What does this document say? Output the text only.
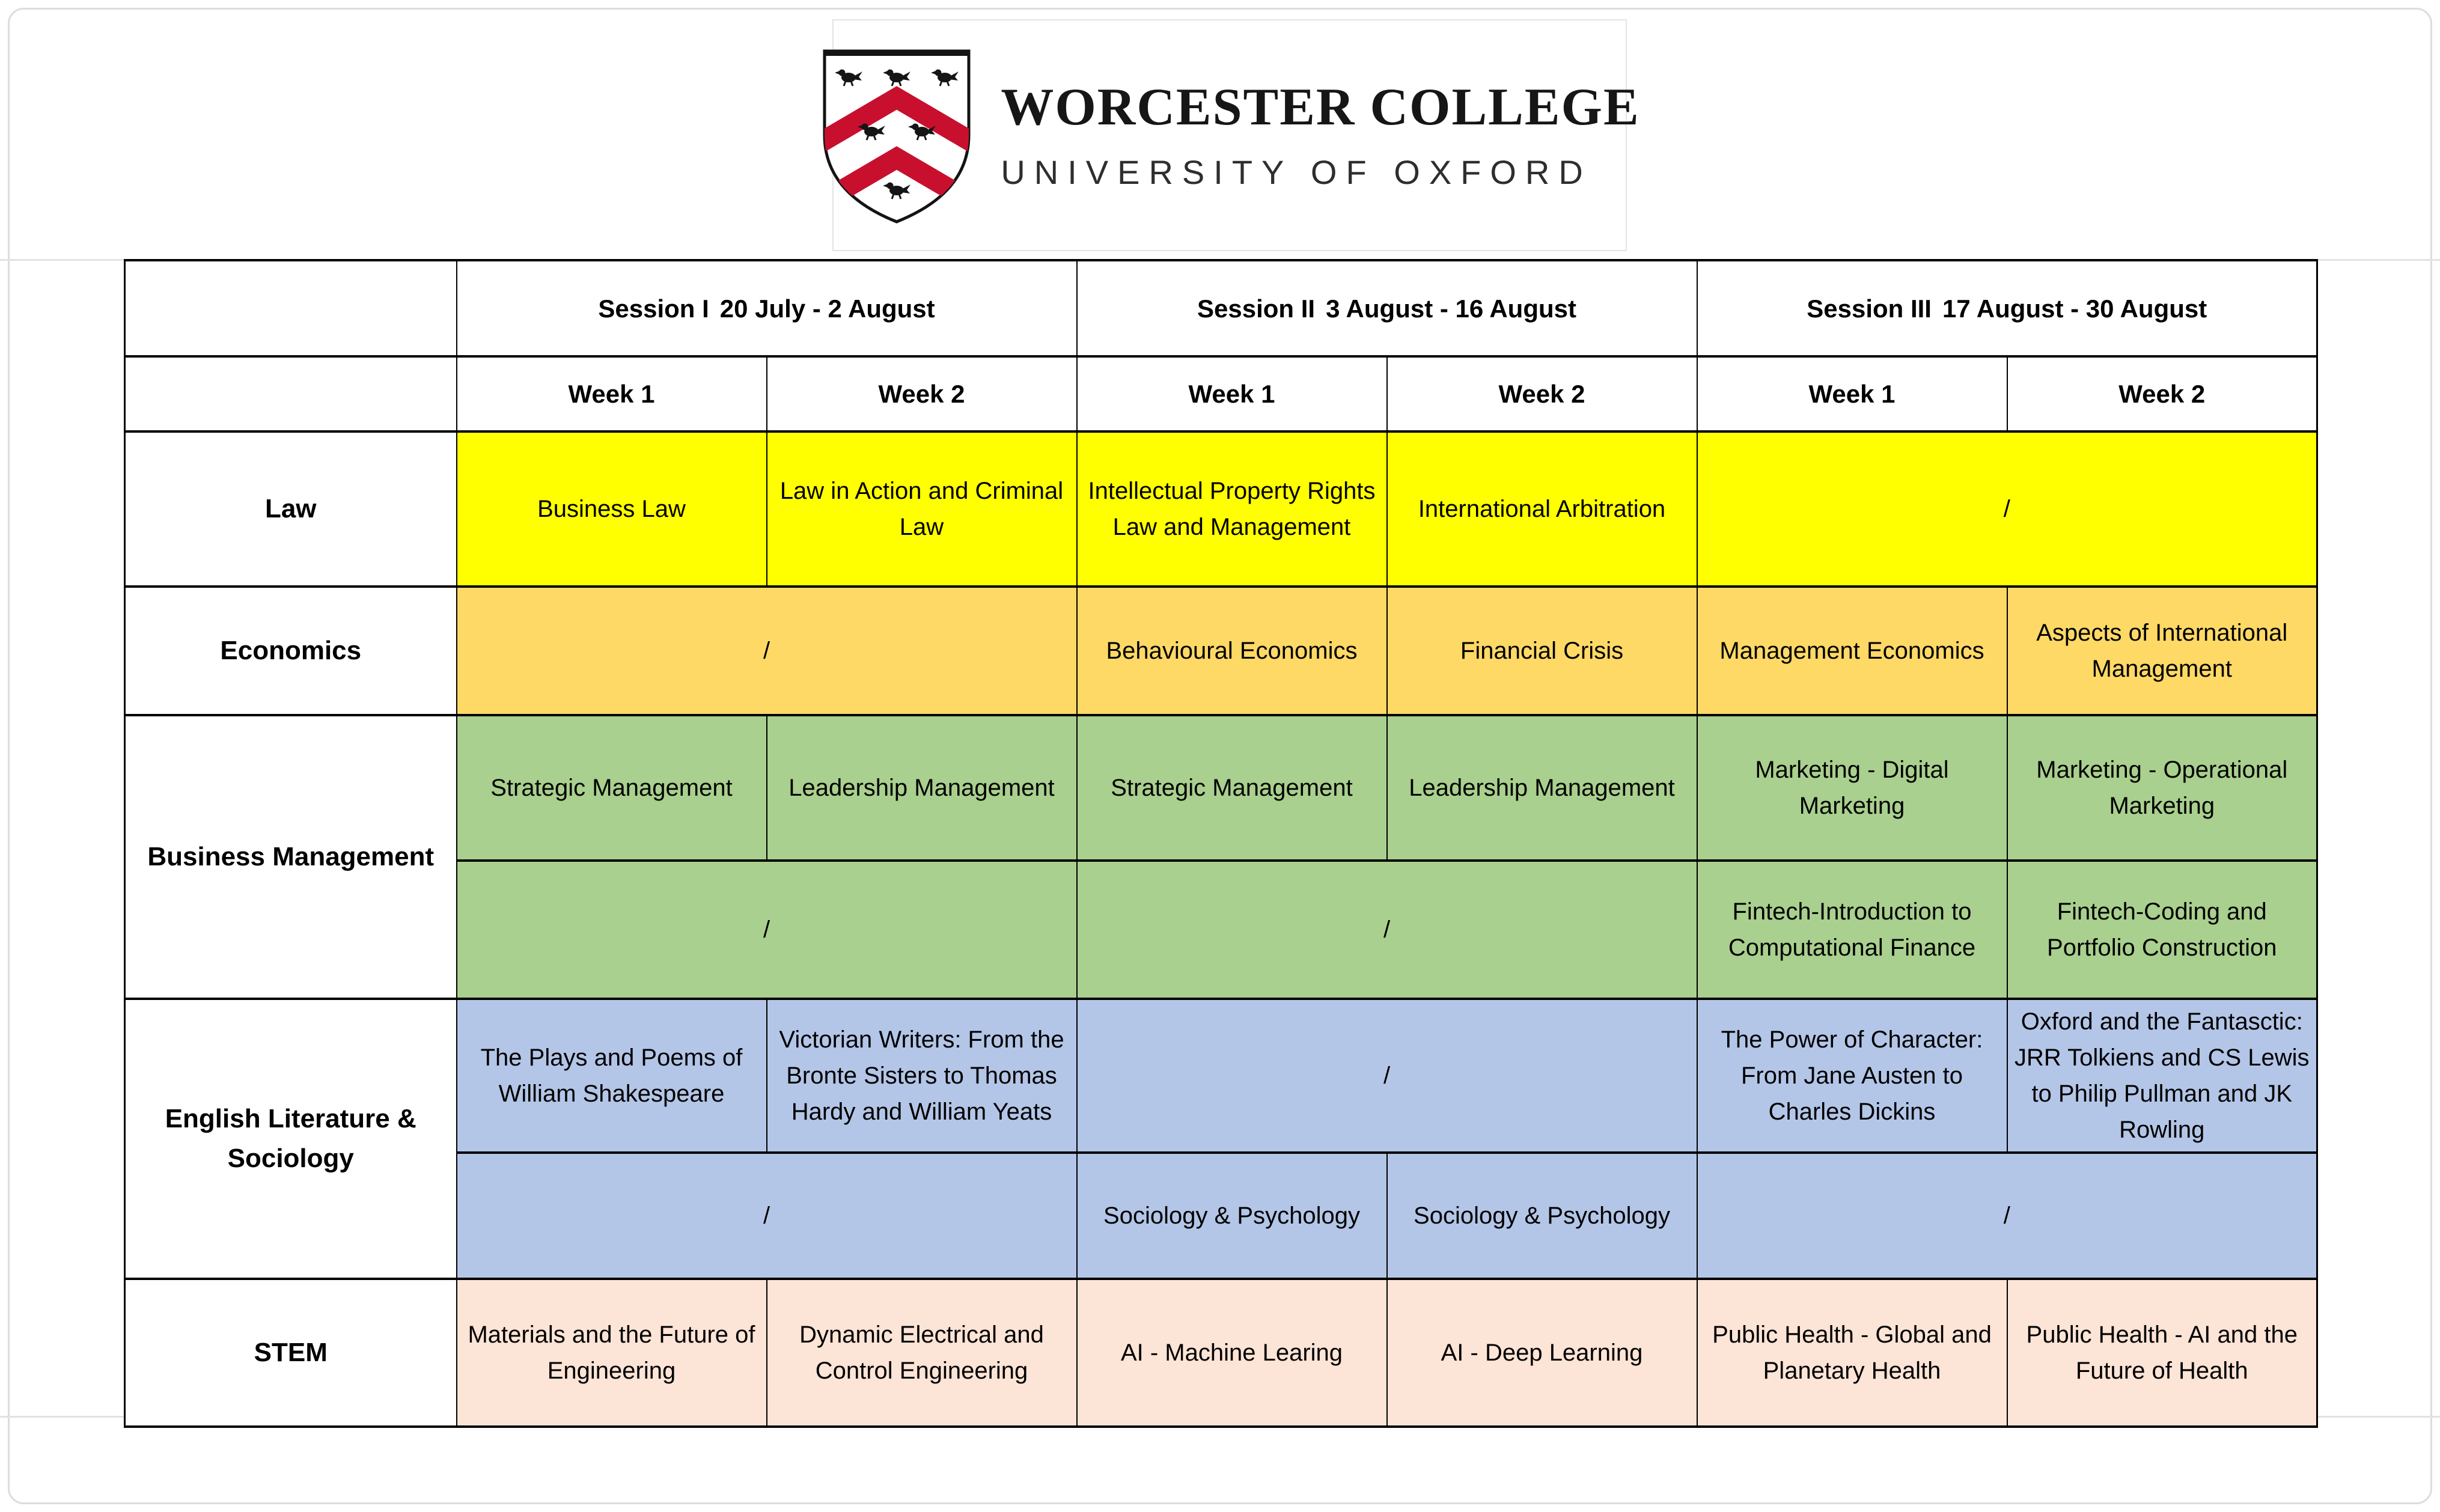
WORCESTER COLLEGE
UNIVERSITY OF OXFORD
	Session I 20 July - 2 August		Session II 3 August - 16 August		Session III 17 August - 30 August	
	Week 1	Week 2	Week 1	Week 2	Week 1	Week 2
Law	Business Law	Law in Action and Criminal Law	Intellectual Property Rights Law and Management	International Arbitration	/	
Economics	/		Behavioural Economics	Financial Crisis	Management Economics	Aspects of International Management
Business Management	Strategic Management	Leadership Management	Strategic Management	Leadership Management	Marketing - Digital Marketing	Marketing - Operational Marketing
	/		/		Fintech-Introduction to Computational Finance	Fintech-Coding and Portfolio Construction
English Literature & Sociology	The Plays and Poems of William Shakespeare	Victorian Writers: From the Bronte Sisters to Thomas Hardy and William Yeats	/		The Power of Character: From Jane Austen to Charles Dickins	Oxford and the Fantasctic: JRR Tolkiens and CS Lewis to Philip Pullman and JK Rowling
	/		Sociology & Psychology	Sociology & Psychology	/	
STEM	Materials and the Future of Engineering	Dynamic Electrical and Control Engineering	AI - Machine Learing	AI - Deep Learning	Public Health - Global and Planetary Health	Public Health - AI and the Future of Health
